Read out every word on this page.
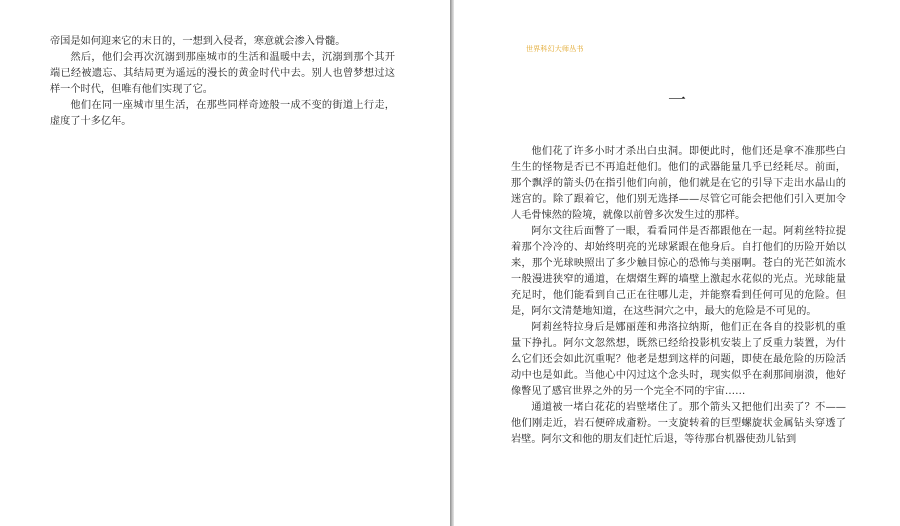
帝国是如何迎来它的末日的，一想到入侵者，寒意就会渗入骨髓。

然后，他们会再次沉溺到那座城市的生活和温暖中去，沉溺到那个其开端已经被遗忘、其结局更为遥远的漫长的黄金时代中去。别人也曾梦想过这样一个时代，但唯有他们实现了它。

他们在同一座城市里生活，在那些同样奇迹般一成不变的街道上行走，虚度了十多亿年。

世界科幻大师丛书
一

他们花了许多小时才杀出白虫洞。即便此时，他们还是拿不准那些白生生的怪物是否已不再追赶他们。他们的武器能量几乎已经耗尽。前面，那个飘浮的箭头仍在指引他们向前，他们就是在它的引导下走出水晶山的迷宫的。除了跟着它，他们别无选择——尽管它可能会把他们引入更加令人毛骨悚然的险境，就像以前曾多次发生过的那样。

阿尔文往后面瞥了一眼，看看同伴是否都跟他在一起。阿莉丝特拉提着那个冷冷的、却始终明亮的光球紧跟在他身后。自打他们的历险开始以来，那个光球映照出了多少触目惊心的恐怖与美丽啊。苍白的光芒如流水一般漫进狭窄的通道，在熠熠生辉的墙壁上激起水花似的光点。光球能量充足时，他们能看到自己正在往哪儿走，并能察看到任何可见的危险。但是，阿尔文清楚地知道，在这些洞穴之中，最大的危险是不可见的。

阿莉丝特拉身后是娜丽莲和弗洛拉纳斯，他们正在各自的投影机的重量下挣扎。阿尔文忽然想，既然已经给投影机安装上了反重力装置，为什么它们还会如此沉重呢？他老是想到这样的问题，即使在最危险的历险活动中也是如此。当他心中闪过这个念头时，现实似乎在刹那间崩溃，他好像瞥见了感官世界之外的另一个完全不同的宇宙……

通道被一堵白花花的岩壁堵住了。那个箭头又把他们出卖了？不——他们刚走近，岩石便碎成齑粉。一支旋转着的巨型螺旋状金属钻头穿透了岩壁。阿尔文和他的朋友们赶忙后退，等待那台机器使劲儿钻到
